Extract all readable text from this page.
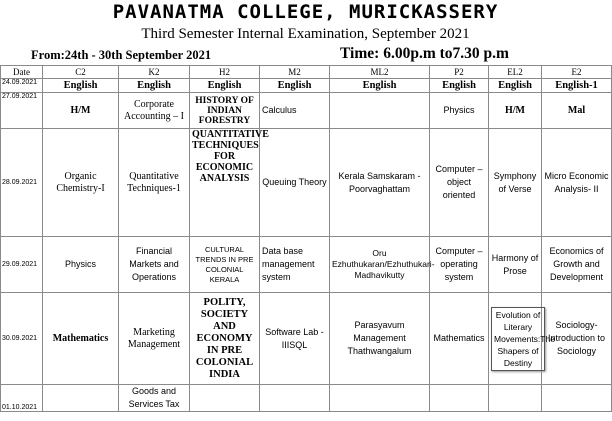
PAVANATMA COLLEGE, MURICKASSERY
Third Semester Internal Examination, September 2021
From:24th - 30th September 2021	Time: 6.00p.m to7.30 p.m
Date	C2	K2	H2	M2	ML2	P2	EL2	E2
24.09.2021	English	English	English	English	English	English	English	English-1
27.09.2021	H/M	Corporate Accounting – I	HISTORY OF INDIAN FORESTRY	Calculus		Physics	H/M	Mal
28.09.2021	Organic Chemistry-I	Quantitative Techniques-1	QUANTITATIVE TECHNIQUES FOR ECONOMIC ANALYSIS	Queuing Theory	Kerala Samskaram - Poorvaghattam	Computer –object oriented	Symphony of Verse	Micro Economic Analysis- II
29.09.2021	Physics	Financial Markets and Operations	CULTURAL TRENDS IN PRE COLONIAL KERALA	Data base management system	Oru Ezhuthukaran/Ezhuthukari-Madhavikutty	Computer –operating system	Harmony of Prose	Economics of Growth and Development
30.09.2021	Mathematics	Marketing Management	POLITY, SOCIETY AND ECONOMY IN PRE COLONIAL INDIA	Software Lab - IIISQL	Parasyavum Management Thathwangalum	Mathematics	Evolution of Literary Movements:The Shapers of Destiny	Sociology-Introduction to Sociology
01.10.2021		Goods and Services Tax						
